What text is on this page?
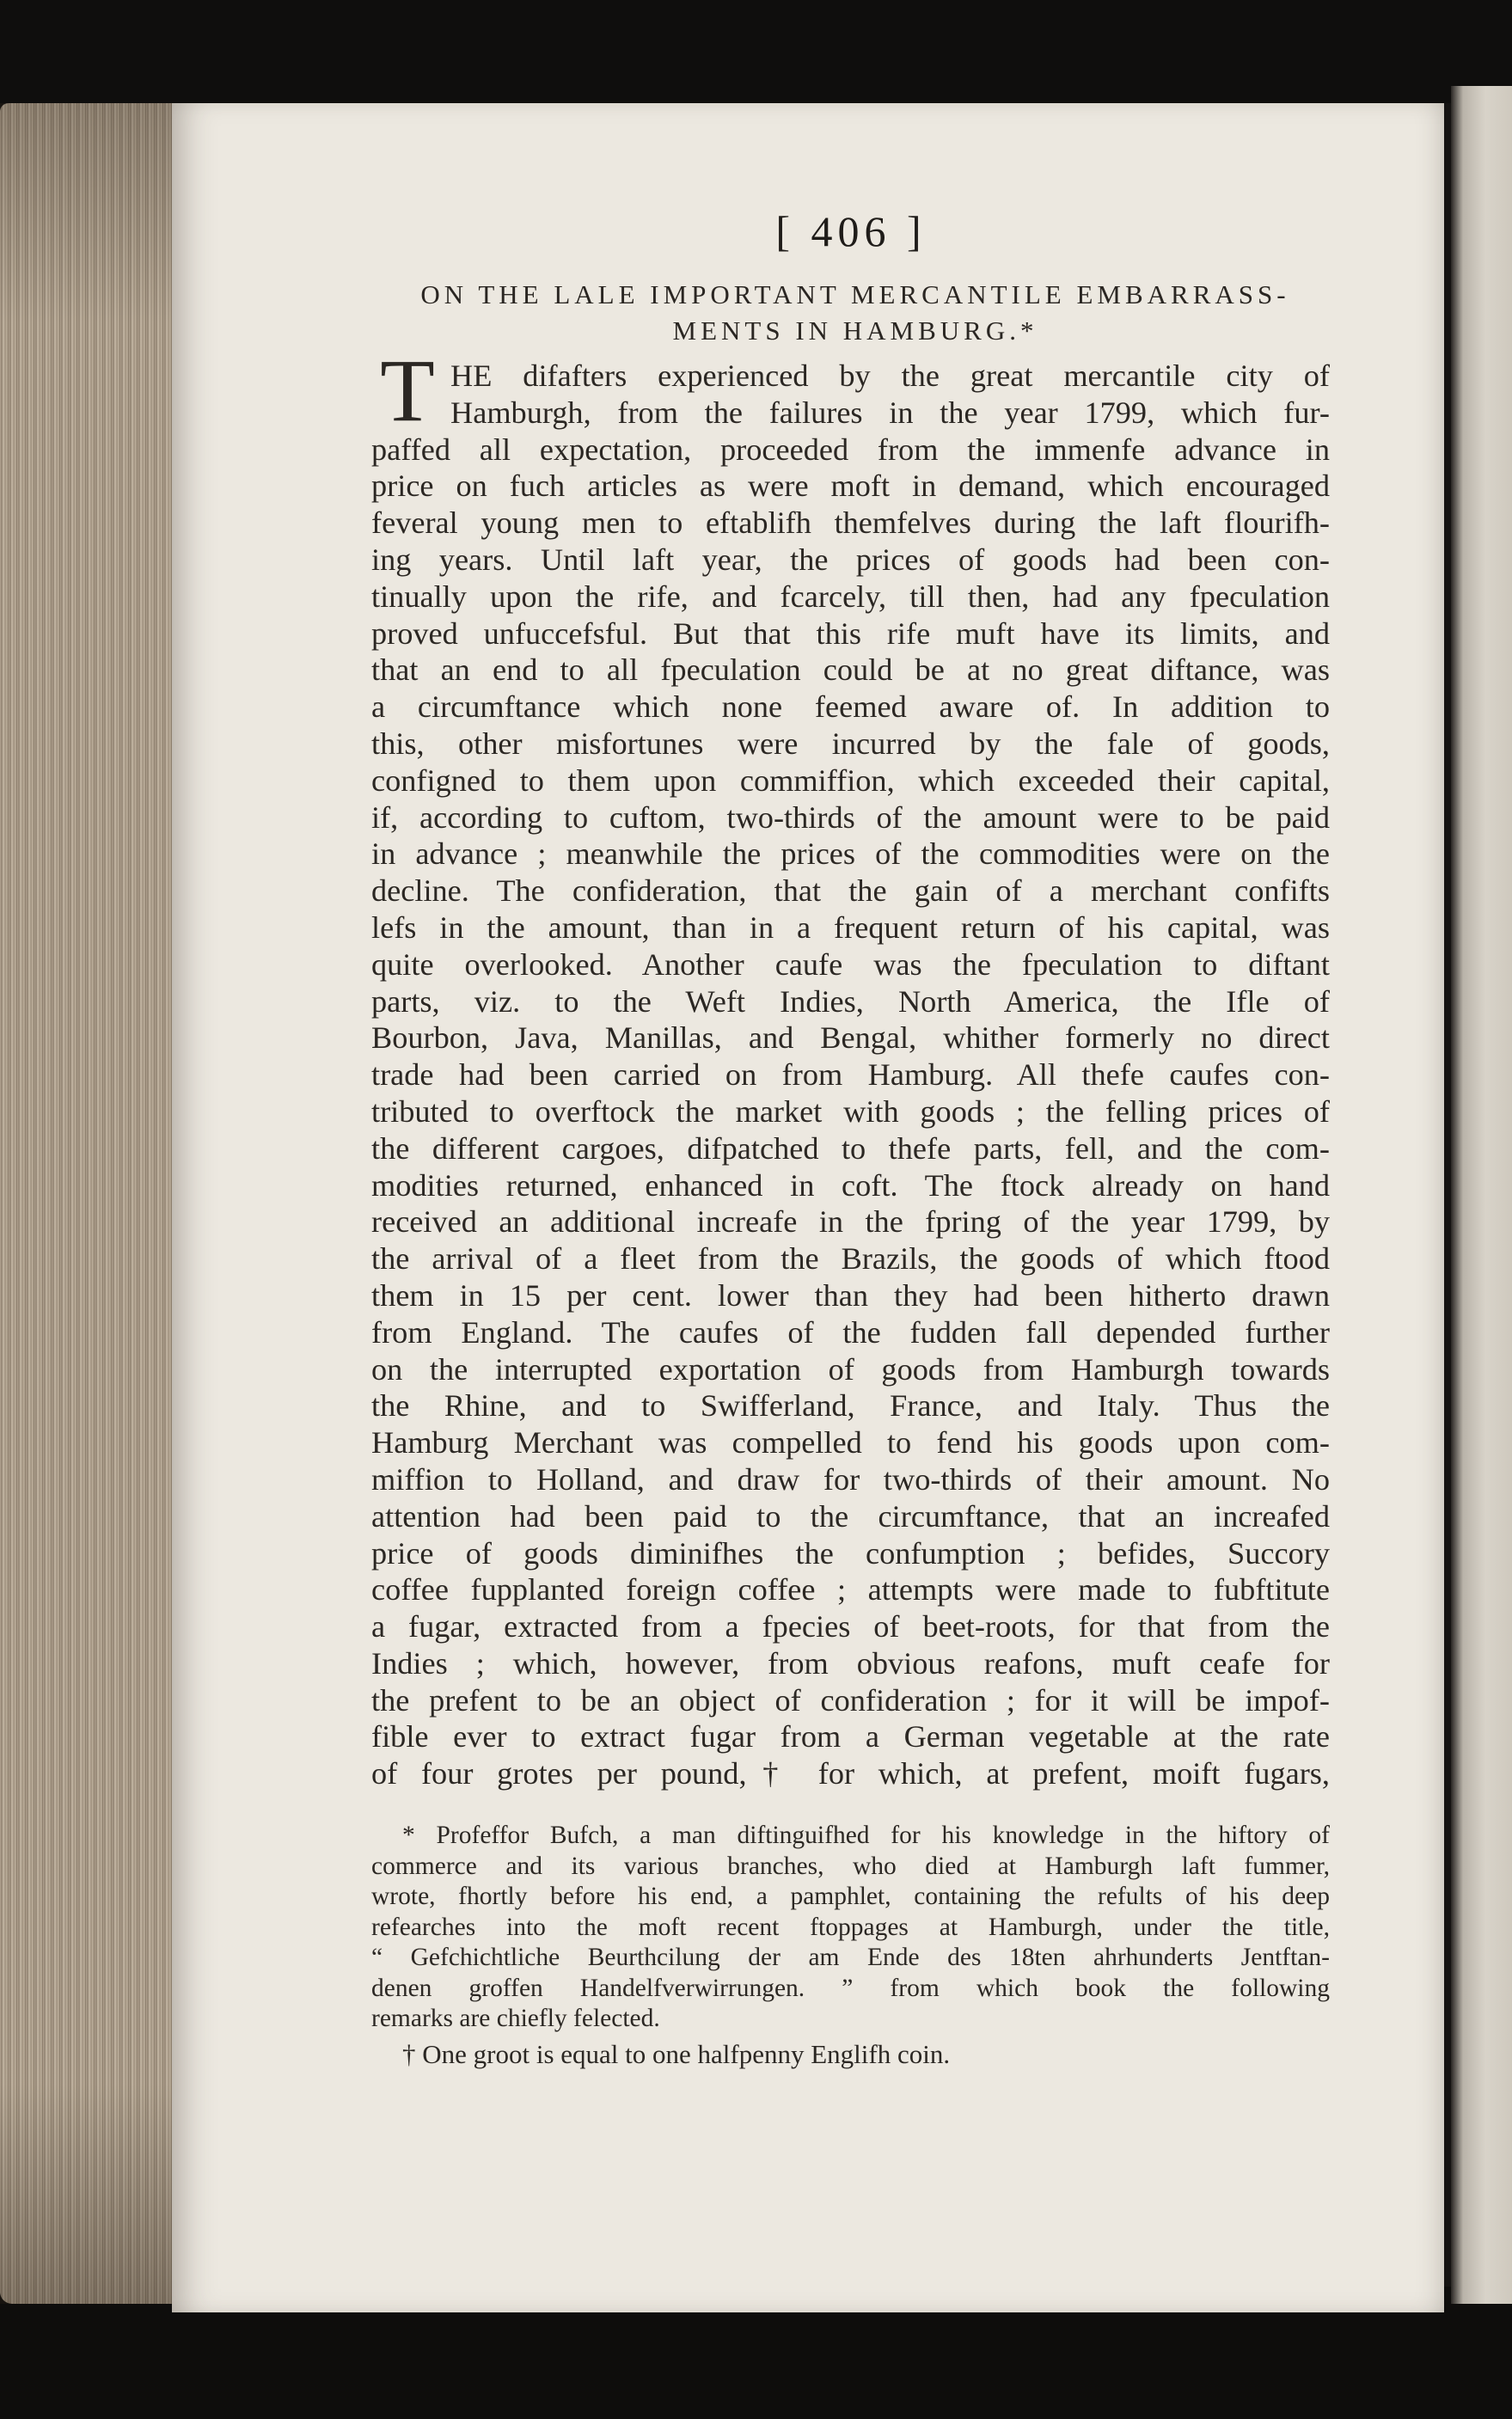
[ 406 ]
ON THE LALE IMPORTANT MERCANTILE EMBARRASS-
MENTS IN HAMBURG.*
T HE difafters experienced by the great mercantile city of
Hamburgh, from the failures in the year 1799, which fur-
paffed all expectation, proceeded from the immenfe advance in
price on fuch articles as were moft in demand, which encouraged
feveral young men to eftablifh themfelves during the laft flourifh-
ing years. Until laft year, the prices of goods had been con-
tinually upon the rife, and fcarcely, till then, had any fpeculation
proved unfuccefsful. But that this rife muft have its limits, and
that an end to all fpeculation could be at no great diftance, was
a circumftance which none feemed aware of. In addition to
this, other misfortunes were incurred by the fale of goods,
configned to them upon commiffion, which exceeded their capital,
if, according to cuftom, two-thirds of the amount were to be paid
in advance ; meanwhile the prices of the commodities were on the
decline. The confideration, that the gain of a merchant confifts
lefs in the amount, than in a frequent return of his capital, was
quite overlooked. Another caufe was the fpeculation to diftant
parts, viz. to the Weft Indies, North America, the Ifle of
Bourbon, Java, Manillas, and Bengal, whither formerly no direct
trade had been carried on from Hamburg. All thefe caufes con-
tributed to overftock the market with goods ; the felling prices of
the different cargoes, difpatched to thefe parts, fell, and the com-
modities returned, enhanced in coft. The ftock already on hand
received an additional increafe in the fpring of the year 1799, by
the arrival of a fleet from the Brazils, the goods of which ftood
them in 15 per cent. lower than they had been hitherto drawn
from England. The caufes of the fudden fall depended further
on the interrupted exportation of goods from Hamburgh towards
the Rhine, and to Swifferland, France, and Italy. Thus the
Hamburg Merchant was compelled to fend his goods upon com-
miffion to Holland, and draw for two-thirds of their amount. No
attention had been paid to the circumftance, that an increafed
price of goods diminifhes the confumption ; befides, Succory
coffee fupplanted foreign coffee ; attempts were made to fubftitute
a fugar, extracted from a fpecies of beet-roots, for that from the
Indies ; which, however, from obvious reafons, muft ceafe for
the prefent to be an object of confideration ; for it will be impof-
fible ever to extract fugar from a German vegetable at the rate
of four grotes per pound,† for which, at prefent, moift fugars,
* Profeffor Bufch, a man diftinguifhed for his knowledge in the hiftory of
commerce and its various branches, who died at Hamburgh laft fummer,
wrote, fhortly before his end, a pamphlet, containing the refults of his deep
refearches into the moft recent ftoppages at Hamburgh, under the title,
“ Gefchichtliche Beurthcilung der am Ende des 18ten ahrhunderts Jentftan-
denen groffen Handelfverwirrungen. ” from which book the following
remarks are chiefly felected.
† One groot is equal to one halfpenny Englifh coin.
